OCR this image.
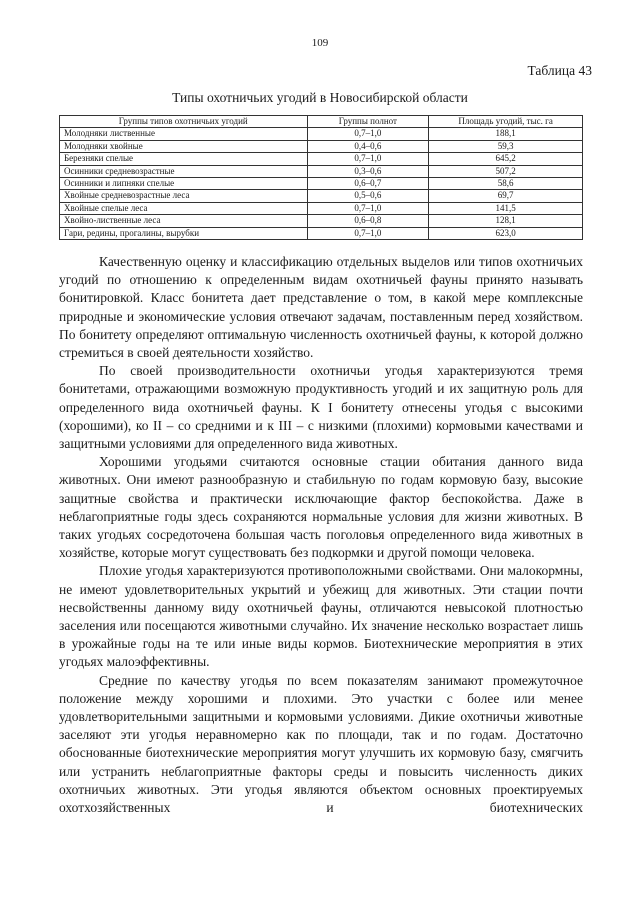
109
Таблица 43
Типы охотничьих угодий в Новосибирской области
Группы типов охотничьих угодий	Группы полнот	Площадь угодий, тыс. га
Молодняки лиственные	0,7–1,0	188,1
Молодняки хвойные	0,4–0,6	59,3
Березняки спелые	0,7–1,0	645,2
Осинники средневозрастные	0,3–0,6	507,2
Осинники и липняки спелые	0,6–0,7	58,6
Хвойные средневозрастные леса	0,5–0,6	69,7
Хвойные спелые леса	0,7–1,0	141,5
Хвойно-лиственные леса	0,6–0,8	128,1
Гари, редины, прогалины, вырубки	0,7–1,0	623,0

Качественную оценку и классификацию отдельных выделов или типов охотничьих угодий по отношению к определенным видам охотничьей фауны принято называть бонитировкой. Класс бонитета дает представление о том, в какой мере комплексные природные и экономические условия отвечают задачам, поставленным перед хозяйством. По бонитету определяют оптимальную численность охотничьей фауны, к которой должно стремиться в своей деятельности хозяйство.

По своей производительности охотничьи угодья характеризуются тремя бонитетами, отражающими возможную продуктивность угодий и их защитную роль для определенного вида охотничьей фауны. К I бонитету отнесены угодья с высокими (хорошими), ко II – со средними и к III – с низкими (плохими) кормовыми качествами и защитными условиями для определенного вида животных.

Хорошими угодьями считаются основные стации обитания данного вида животных. Они имеют разнообразную и стабильную по годам кормовую базу, высокие защитные свойства и практически исключающие фактор беспокойства. Даже в неблагоприятные годы здесь сохраняются нормальные условия для жизни животных. В таких угодьях сосредоточена большая часть поголовья определенного вида животных в хозяйстве, которые могут существовать без подкормки и другой помощи человека.

Плохие угодья характеризуются противоположными свойствами. Они малокормны, не имеют удовлетворительных укрытий и убежищ для животных. Эти стации почти несвойственны данному виду охотничьей фауны, отличаются невысокой плотностью заселения или посещаются животными случайно. Их значение несколько возрастает лишь в урожайные годы на те или иные виды кормов. Биотехнические мероприятия в этих угодьях малоэффективны.

Средние по качеству угодья по всем показателям занимают промежуточное положение между хорошими и плохими. Это участки с более или менее удовлетворительными защитными и кормовыми условиями. Дикие охотничьи животные заселяют эти угодья неравномерно как по площади, так и по годам. Достаточно обоснованные биотехнические мероприятия могут улучшить их кормовую базу, смягчить или устранить неблагоприятные факторы среды и повысить численность диких охотничьих животных. Эти угодья являются объектом основных проектируемых охотхозяйственных и биотехнических
